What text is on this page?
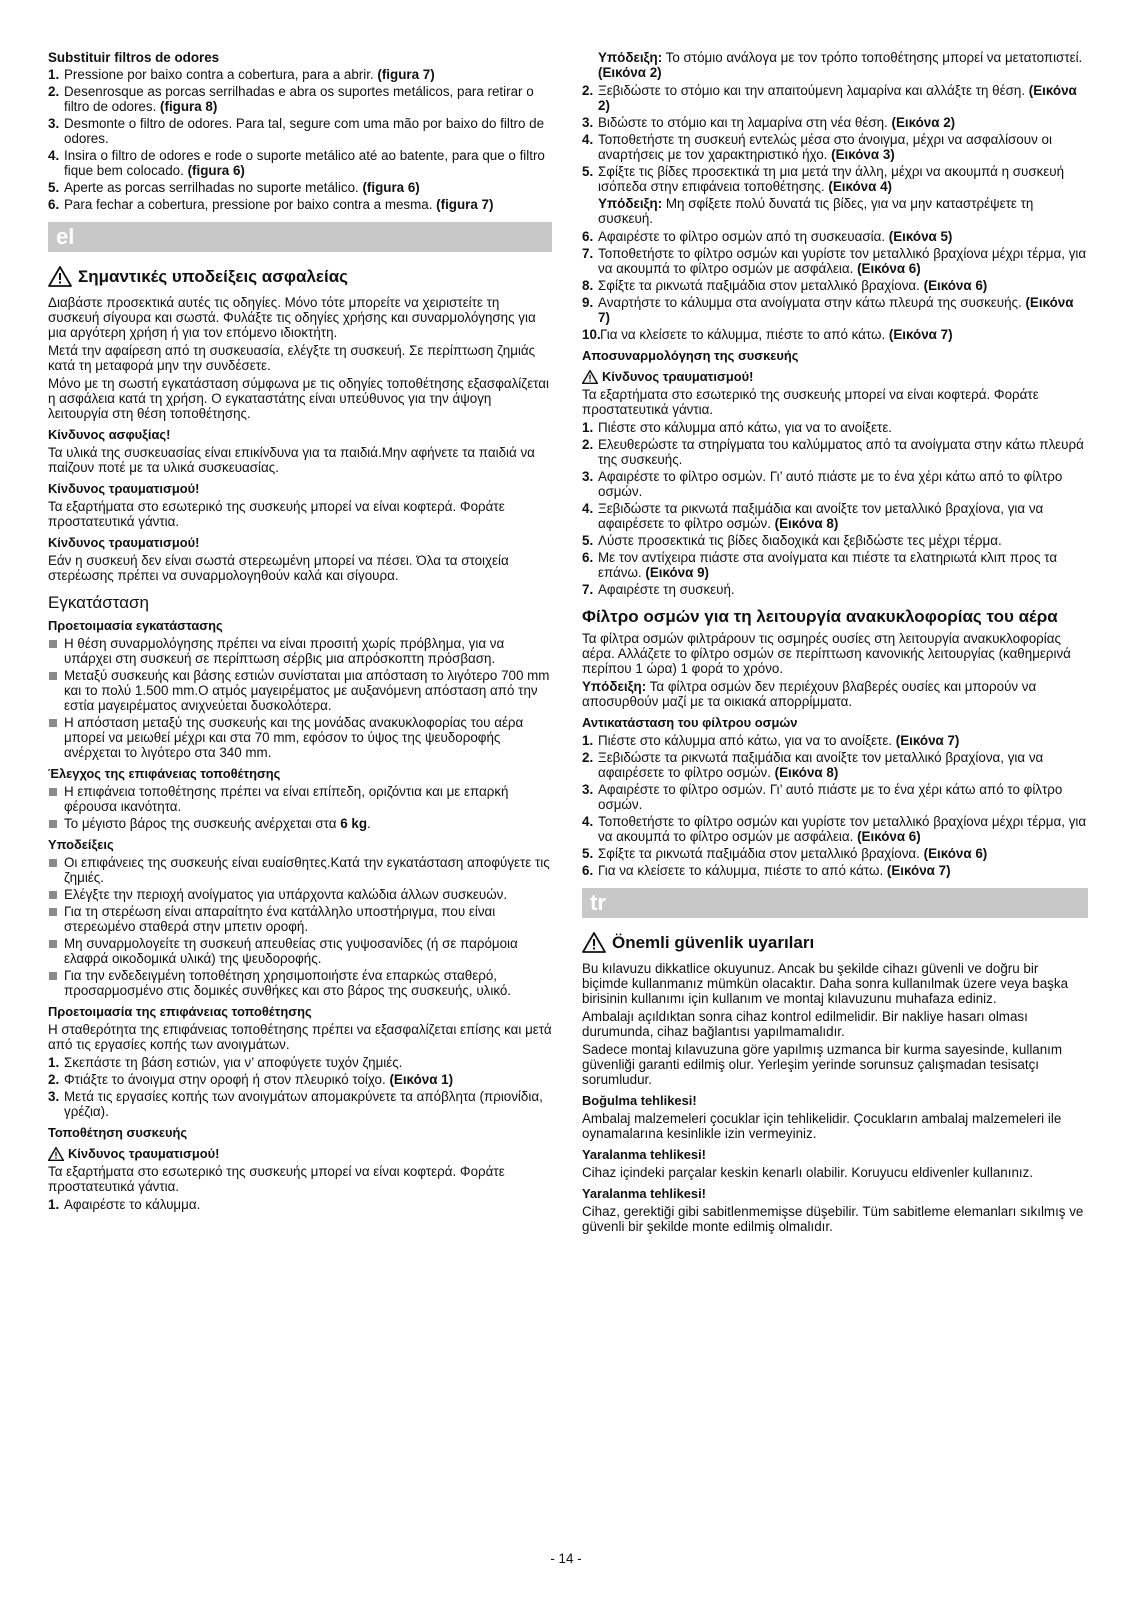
Substituir filtros de odores
1. Pressione por baixo contra a cobertura, para a abrir. (figura 7)
2. Desenrosque as porcas serrilhadas e abra os suportes metálicos, para retirar o filtro de odores. (figura 8)
3. Desmonte o filtro de odores. Para tal, segure com uma mão por baixo do filtro de odores.
4. Insira o filtro de odores e rode o suporte metálico até ao batente, para que o filtro fique bem colocado. (figura 6)
5. Aperte as porcas serrilhadas no suporte metálico. (figura 6)
6. Para fechar a cobertura, pressione por baixo contra a mesma. (figura 7)
el
Σημαντικές υποδείξεις ασφαλείας

Διαβάστε προσεκτικά αυτές τις οδηγίες. Μόνο τότε μπορείτε να χειριστείτε τη συσκευή σίγουρα και σωστά. Φυλάξτε τις οδηγίες χρήσης και συναρμολόγησης για μια αργότερη χρήση ή για τον επόμενο ιδιοκτήτη.

Μετά την αφαίρεση από τη συσκευασία, ελέγξτε τη συσκευή. Σε περίπτωση ζημιάς κατά τη μεταφορά μην την συνδέσετε.

Μόνο με τη σωστή εγκατάσταση σύμφωνα με τις οδηγίες τοποθέτησης εξασφαλίζεται η ασφάλεια κατά τη χρήση. Ο εγκαταστάτης είναι υπεύθυνος για την άψογη λειτουργία στη θέση τοποθέτησης.

Κίνδυνος ασφυξίας!

Τα υλικά της συσκευασίας είναι επικίνδυνα για τα παιδιά.Μην αφήνετε τα παιδιά να παίζουν ποτέ με τα υλικά συσκευασίας.

Κίνδυνος τραυματισμού!

Τα εξαρτήματα στο εσωτερικό της συσκευής μπορεί να είναι κοφτερά. Φοράτε προστατευτικά γάντια.

Κίνδυνος τραυματισμού!

Εάν η συσκευή δεν είναι σωστά στερεωμένη μπορεί να πέσει. Όλα τα στοιχεία στερέωσης πρέπει να συναρμολογηθούν καλά και σίγουρα.

Εγκατάσταση
Προετοιμασία εγκατάστασης
Η θέση συναρμολόγησης πρέπει να είναι προσιτή χωρίς πρόβλημα, για να υπάρχει στη συσκευή σε περίπτωση σέρβις μια απρόσκοπτη πρόσβαση.
Μεταξύ συσκευής και βάσης εστιών συνίσταται μια απόσταση το λιγότερο 700 mm και το πολύ 1.500 mm.Ο ατμός μαγειρέματος με αυξανόμενη απόσταση από την εστία μαγειρέματος ανιχνεύεται δυσκολότερα.
Η απόσταση μεταξύ της συσκευής και της μονάδας ανακυκλοφορίας του αέρα μπορεί να μειωθεί μέχρι και στα 70 mm, εφόσον το ύψος της ψευδοροφής ανέρχεται το λιγότερο στα 340 mm.
Έλεγχος της επιφάνειας τοποθέτησης
Η επιφάνεια τοποθέτησης πρέπει να είναι επίπεδη, οριζόντια και με επαρκή φέρουσα ικανότητα.
Το μέγιστο βάρος της συσκευής ανέρχεται στα 6 kg.
Υποδείξεις
Οι επιφάνειες της συσκευής είναι ευαίσθητες.Κατά την εγκατάσταση αποφύγετε τις ζημιές.
Ελέγξτε την περιοχή ανοίγματος για υπάρχοντα καλώδια άλλων συσκευών.
Για τη στερέωση είναι απαραίτητο ένα κατάλληλο υποστήριγμα, που είναι στερεωμένο σταθερά στην μπετιν οροφή.
Μη συναρμολογείτε τη συσκευή απευθείας στις γυψοσανίδες (ή σε παρόμοια ελαφρά οικοδομικά υλικά) της ψευδοροφής.
Για την ενδεδειγμένη τοποθέτηση χρησιμοποιήστε ένα επαρκώς σταθερό, προσαρμοσμένο στις δομικές συνθήκες και στο βάρος της συσκευής, υλικό.
Προετοιμασία της επιφάνειας τοποθέτησης

Η σταθερότητα της επιφάνειας τοποθέτησης πρέπει να εξασφαλίζεται επίσης και μετά από τις εργασίες κοπής των ανοιγμάτων.

1. Σκεπάστε τη βάση εστιών, για ν’ αποφύγετε τυχόν ζημιές.
2. Φτιάξτε το άνοιγμα στην οροφή ή στον πλευρικό τοίχο. (Εικόνα 1)
3. Μετά τις εργασίες κοπής των ανοιγμάτων απομακρύνετε τα απόβλητα (πριονίδια, γρέζια).
Τοποθέτηση συσκευής
Κίνδυνος τραυματισμού!

Τα εξαρτήματα στο εσωτερικό της συσκευής μπορεί να είναι κοφτερά. Φοράτε προστατευτικά γάντια.

1. Αφαιρέστε το κάλυμμα.

Υπόδειξη: Το στόμιο ανάλογα με τον τρόπο τοποθέτησης μπορεί να μετατοπιστεί. (Εικόνα 2)

2. Ξεβιδώστε το στόμιο και την απαιτούμενη λαμαρίνα και αλλάξτε τη θέση. (Εικόνα 2)
3. Βιδώστε το στόμιο και τη λαμαρίνα στη νέα θέση. (Εικόνα 2)
4. Τοποθετήστε τη συσκευή εντελώς μέσα στο άνοιγμα, μέχρι να ασφαλίσουν οι αναρτήσεις με τον χαρακτηριστικό ήχο. (Εικόνα 3)
5. Σφίξτε τις βίδες προσεκτικά τη μια μετά την άλλη, μέχρι να ακουμπά η συσκευή ισόπεδα στην επιφάνεια τοποθέτησης. (Εικόνα 4)

Υπόδειξη: Μη σφίξετε πολύ δυνατά τις βίδες, για να μην καταστρέψετε τη συσκευή.

6. Αφαιρέστε το φίλτρο οσμών από τη συσκευασία. (Εικόνα 5)
7. Τοποθετήστε το φίλτρο οσμών και γυρίστε τον μεταλλικό βραχίονα μέχρι τέρμα, για να ακουμπά το φίλτρο οσμών με ασφάλεια. (Εικόνα 6)
8. Σφίξτε τα ρικνωτά παξιμάδια στον μεταλλικό βραχίονα. (Εικόνα 6)
9. Αναρτήστε το κάλυμμα στα ανοίγματα στην κάτω πλευρά της συσκευής. (Εικόνα 7)
10. Για να κλείσετε το κάλυμμα, πιέστε το από κάτω. (Εικόνα 7)
Αποσυναρμολόγηση της συσκευής
Κίνδυνος τραυματισμού!

Τα εξαρτήματα στο εσωτερικό της συσκευής μπορεί να είναι κοφτερά. Φοράτε προστατευτικά γάντια.

1. Πιέστε στο κάλυμμα από κάτω, για να το ανοίξετε.
2. Ελευθερώστε τα στηρίγματα του καλύμματος από τα ανοίγματα στην κάτω πλευρά της συσκευής.
3. Αφαιρέστε το φίλτρο οσμών. Γι’ αυτό πιάστε με το ένα χέρι κάτω από το φίλτρο οσμών.
4. Ξεβιδώστε τα ρικνωτά παξιμάδια και ανοίξτε τον μεταλλικό βραχίονα, για να αφαιρέσετε το φίλτρο οσμών. (Εικόνα 8)
5. Λύστε προσεκτικά τις βίδες διαδοχικά και ξεβιδώστε τες μέχρι τέρμα.
6. Με τον αντίχειρα πιάστε στα ανοίγματα και πιέστε τα ελατηριωτά κλιπ προς τα επάνω. (Εικόνα 9)
7. Αφαιρέστε τη συσκευή.
Φίλτρο οσμών για τη λειτουργία ανακυκλοφορίας του αέρα

Τα φίλτρα οσμών φιλτράρουν τις οσμηρές ουσίες στη λειτουργία ανακυκλοφορίας αέρα. Αλλάζετε το φίλτρο οσμών σε περίπτωση κανονικής λειτουργίας (καθημερινά περίπου 1 ώρα) 1 φορά το χρόνο.

Υπόδειξη: Τα φίλτρα οσμών δεν περιέχουν βλαβερές ουσίες και μπορούν να αποσυρθούν μαζί με τα οικιακά απορρίμματα.

Αντικατάσταση του φίλτρου οσμών
1. Πιέστε στο κάλυμμα από κάτω, για να το ανοίξετε. (Εικόνα 7)
2. Ξεβιδώστε τα ρικνωτά παξιμάδια και ανοίξτε τον μεταλλικό βραχίονα, για να αφαιρέσετε το φίλτρο οσμών. (Εικόνα 8)
3. Αφαιρέστε το φίλτρο οσμών. Γι’ αυτό πιάστε με το ένα χέρι κάτω από το φίλτρο οσμών.
4. Τοποθετήστε το φίλτρο οσμών και γυρίστε τον μεταλλικό βραχίονα μέχρι τέρμα, για να ακουμπά το φίλτρο οσμών με ασφάλεια. (Εικόνα 6)
5. Σφίξτε τα ρικνωτά παξιμάδια στον μεταλλικό βραχίονα. (Εικόνα 6)
6. Για να κλείσετε το κάλυμμα, πιέστε το από κάτω. (Εικόνα 7)
tr
Önemli güvenlik uyarıları

Bu kılavuzu dikkatlice okuyunuz. Ancak bu şekilde cihazı güvenli ve doğru bir biçimde kullanmanız mümkün olacaktır. Daha sonra kullanılmak üzere veya başka birisinin kullanımı için kullanım ve montaj kılavuzunu muhafaza ediniz.

Ambalajı açıldıktan sonra cihaz kontrol edilmelidir. Bir nakliye hasarı olması durumunda, cihaz bağlantısı yapılmamalıdır.

Sadece montaj kılavuzuna göre yapılmış uzmanca bir kurma sayesinde, kullanım güvenliği garanti edilmiş olur. Yerleşim yerinde sorunsuz çalışmadan tesisatçı sorumludur.

Boğulma tehlikesi!

Ambalaj malzemeleri çocuklar için tehlikelidir. Çocukların ambalaj malzemeleri ile oynamalarına kesinlikle izin vermeyiniz.

Yaralanma tehlikesi!

Cihaz içindeki parçalar keskin kenarlı olabilir. Koruyucu eldivenler kullanınız.

Yaralanma tehlikesi!

Cihaz, gerektiği gibi sabitlenmemişse düşebilir. Tüm sabitleme elemanları sıkılmış ve güvenli bir şekilde monte edilmiş olmalıdır.

- 14 -
